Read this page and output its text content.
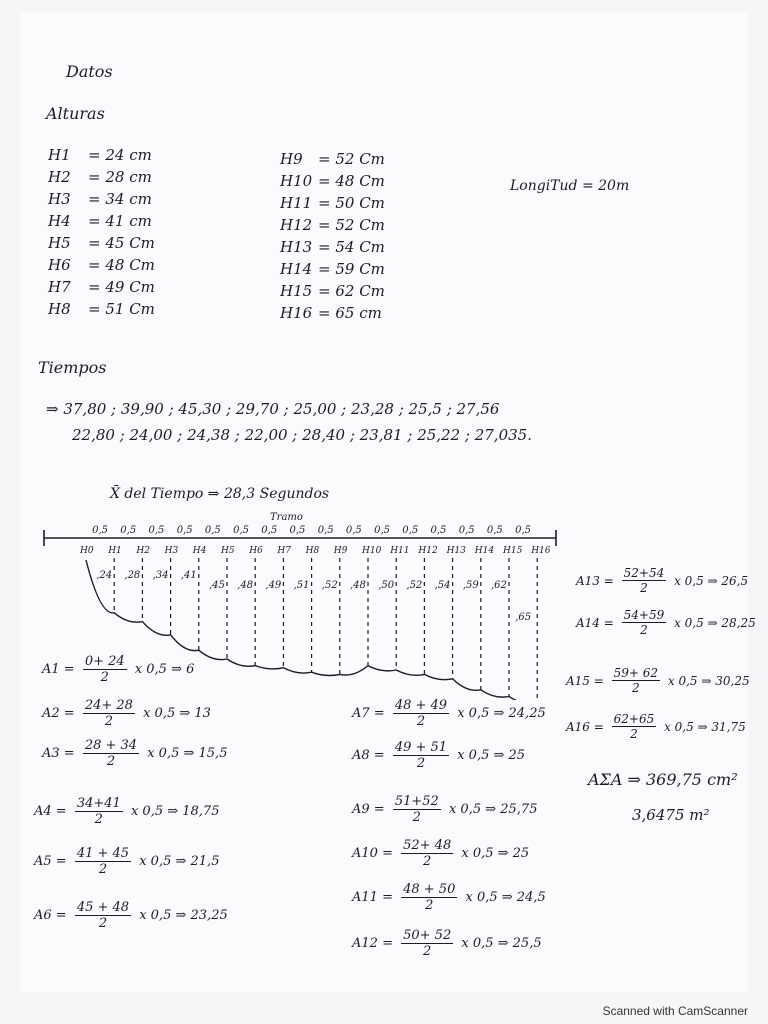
Datos
Alturas
H1 = 24 cm
H2 = 28 cm
H3 = 34 cm
H4 = 41 cm
H5 = 45 Cm
H6 = 48 Cm
H7 = 49 Cm
H8 = 51 Cm
H9 = 52 Cm
H10 = 48 Cm
H11 = 50 Cm
H12 = 52 Cm
H13 = 54 Cm
H14 = 59 Cm
H15 = 62 Cm
H16 = 65 cm
LongiTud = 20m
Tiempos
⇒ 37,80 ; 39,90 ; 45,30 ; 29,70 ; 25,00 ; 23,28 ; 25,5 ; 27,56
22,80 ; 24,00 ; 24,38 ; 22,00 ; 28,40 ; 23,81 ; 25,22 ; 27,035.
X̄ del Tiempo ⇒ 28,3 Segundos
Tramo
0,5 0,5 0,5 0,5 0,5 0,5 0,5 0,5 0,5 0,5 0,5 0,5 0,5 0,5 0,5 0,5
H0 H1 H2 H3 H4 H5 H6 H7 H8 H9 H10 H11 H12 H13 H14 H15 H16
,24 ,28 ,34 ,41
,45 ,48 ,49 ,51 ,52 ,48 ,50 ,52 ,54 ,59 ,62
,65
$A1 = \frac{0+ 24}{2}$ x 0,5 ⇒ 6
$A2 = \frac{24+ 28}{2}$ x 0,5 ⇒ 13
$A3 = \frac{28 + 34}{2}$ x 0,5 ⇒ 15,5
$A4 = \frac{34+41}{2}$ x 0,5 ⇒ 18,75
$A5 = \frac{41 + 45}{2}$ x 0,5 ⇒ 21,5
$A6 = \frac{45 + 48}{2}$ x 0,5 ⇒ 23,25
$A7 = \frac{48 + 49}{2}$ x 0,5 ⇒ 24,25
$A8 = \frac{49 + 51}{2}$ x 0,5 ⇒ 25
$A9 = \frac{51+52}{2}$ x 0,5 ⇒ 25,75
$A10 = \frac{52+ 48}{2}$ x 0,5 ⇒ 25
$A11 = \frac{48 + 50}{2}$ x 0,5 ⇒ 24,5
$A12 = \frac{50+ 52}{2}$ x 0,5 ⇒ 25,5
$A13 = \frac{52+54}{2}$ x 0,5 ⇒ 26,5
$A14 = \frac{54+59}{2}$ x 0,5 ⇒ 28,25
$A15 = \frac{59+ 62}{2}$ x 0,5 ⇒ 30,25
$A16 = \frac{62+65}{2}$ x 0,5 ⇒ 31,75
AΣA ⇒ 369,75 cm²
3,6475 m²
Scanned with CamScanner
